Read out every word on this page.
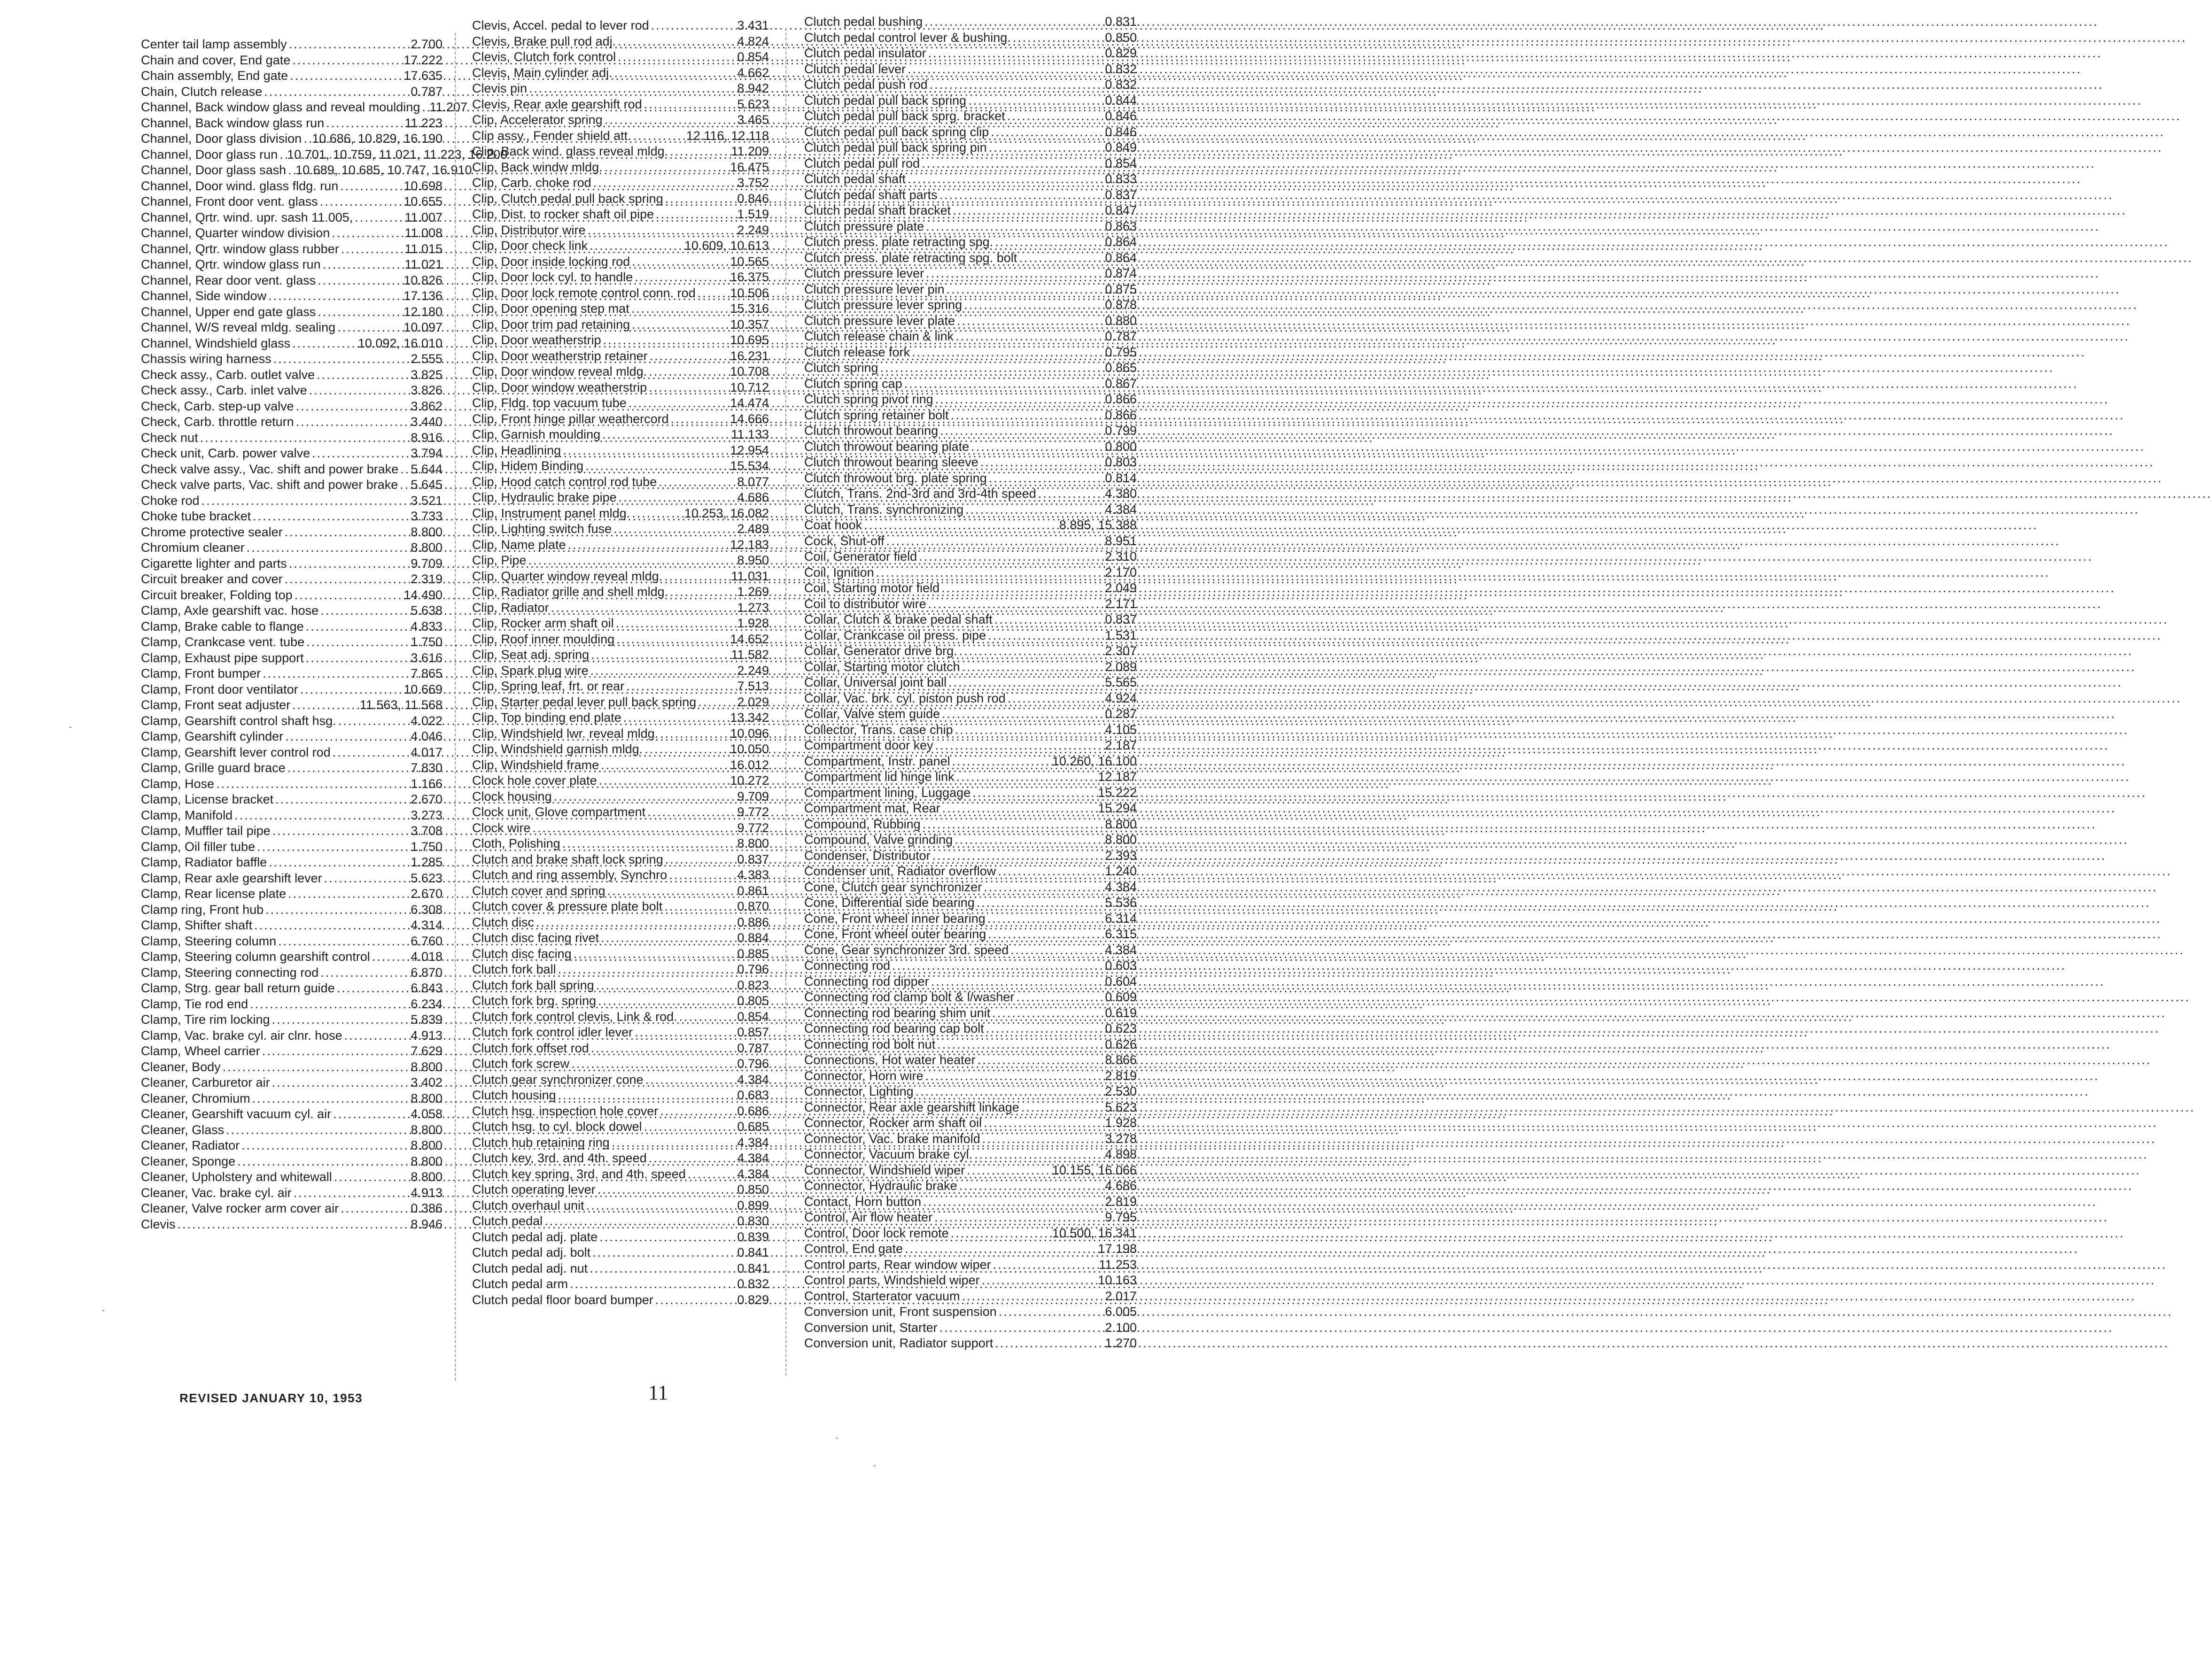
Center tail lamp assembly .....	2.700
Chain and cover, End gate .....	17.222
Chain assembly, End gate .....	17.635
Chain, Clutch release .....	0.787
Channel, Back window glass and reveal moulding ..... 11.207
Channel, Back window glass run .....	11.223
Channel, Door glass division ..... 10.686, 10.829, 16.190
Channel, Door glass run ..... 10.701, 10.759, 11.021, 11.223, 16.200
Channel, Door glass sash ..... 10.689, 10.685, 10.747, 16.910
Channel, Door wind. glass fldg. run .....	10.698
Channel, Front door vent. glass .....	10.655
Channel, Qrtr. wind. upr. sash 11.005, .....	11.007
Channel, Quarter window division .....	11.008
Channel, Qrtr. window glass rubber .....	11.015
Channel, Qrtr. window glass run .....	11.021
Channel, Rear door vent. glass .....	10.826
Channel, Side window .....	17.136
Channel, Upper end gate glass .....	12.180
Channel, W/S reveal mldg. sealing .....	10.097
Channel, Windshield glass .....	10.092, 16.010
Chassis wiring harness .....	2.555
Check assy., Carb. outlet valve .....	3.825
Check assy., Carb. inlet valve .....	3.826
Check, Carb. step-up valve .....	3.862
Check, Carb. throttle return .....	3.440
Check nut .....	8.916
Check unit, Carb. power valve .....	3.794
Check valve assy., Vac. shift and power brake ..... 5.644
Check valve parts, Vac. shift and power brake ..... 5.645
Choke rod .....	3.521
Choke tube bracket .....	3.733
Chrome protective sealer .....	8.800
Chromium cleaner .....	8.800
Cigarette lighter and parts .....	9.709
Circuit breaker and cover .....	2.319
Circuit breaker, Folding top .....	14.490
Clamp, Axle gearshift vac. hose .....	5.638
Clamp, Brake cable to flange .....	4.833
Clamp, Crankcase vent. tube .....	1.750
Clamp, Exhaust pipe support .....	3.616
Clamp, Front bumper .....	7.865
Clamp, Front door ventilator .....	10.669
Clamp, Front seat adjuster .....	11.563, 11.568
Clamp, Gearshift control shaft hsg. .....	4.022
Clamp, Gearshift cylinder .....	4.046
Clamp, Gearshift lever control rod .....	4.017
Clamp, Grille guard brace .....	7.830
Clamp, Hose .....	1.166
Clamp, License bracket .....	2.670
Clamp, Manifold .....	3.273
Clamp, Muffler tail pipe .....	3.708
Clamp, Oil filler tube .....	1.750
Clamp, Radiator baffle .....	1.285
Clamp, Rear axle gearshift lever .....	5.623
Clamp, Rear license plate .....	2.670
Clamp ring, Front hub .....	6.308
Clamp, Shifter shaft .....	4.314
Clamp, Steering column .....	6.760
Clamp, Steering column gearshift control .....	4.018
Clamp, Steering connecting rod .....	6.870
Clamp, Strg. gear ball return guide .....	6.843
Clamp, Tie rod end .....	6.234
Clamp, Tire rim locking .....	5.839
Clamp, Vac. brake cyl. air clnr. hose .....	4.913
Clamp, Wheel carrier .....	7.629
Cleaner, Body .....	8.800
Cleaner, Carburetor air .....	3.402
Cleaner, Chromium .....	8.800
Cleaner, Gearshift vacuum cyl. air .....	4.058
Cleaner, Glass .....	8.800
Cleaner, Radiator .....	8.800
Cleaner, Sponge .....	8.800
Cleaner, Upholstery and whitewall .....	8.800
Cleaner, Vac. brake cyl. air .....	4.913
Cleaner, Valve rocker arm cover air .....	0.386
Clevis .....	8.946
Clevis, Accel. pedal to lever rod .....	3.431
Clevis, Brake pull rod adj. .....	4.824
Clevis, Clutch fork control .....	0.854
Clevis, Main cylinder adj. .....	4.662
Clevis pin .....	8.942
Clevis, Rear axle gearshift rod .....	5.623
Clip, Accelerator spring .....	3.465
Clip assy., Fender shield att. .....	12.116, 12.118
Clip, Back wind. glass reveal mldg. .....	11.209
Clip, Back windw mldg. .....	16.475
Clip, Carb. choke rod .....	3.752
Clip, Clutch pedal pull back spring .....	0.846
Clip, Dist. to rocker shaft oil pipe .....	1.519
Clip, Distributor wire .....	2.249
Clip, Door check link .....	10.609, 10.613
Clip, Door inside locking rod .....	10.565
Clip, Door lock cyl. to handle .....	16.375
Clip, Door lock remote control conn. rod .....	10.506
Clip, Door opening step mat .....	15.316
Clip, Door trim pad retaining .....	10.357
Clip, Door weatherstrip .....	10.695
Clip, Door weatherstrip retainer .....	16.231
Clip, Door window reveal mldg. .....	10.708
Clip, Door window weatherstrip .....	10.712
Clip, Fldg. top vacuum tube .....	14.474
Clip, Front hinge pillar weathercord .....	14.666
Clip, Garnish moulding .....	11.133
Clip, Headlining .....	12.954
Clip, Hidem Binding .....	15.534
Clip, Hood catch control rod tube .....	8.077
Clip, Hydraulic brake pipe .....	4.686
Clip, Instrument panel mldg. .....	10.253, 16.082
Clip, Lighting switch fuse .....	2.489
Clip, Name plate .....	12.183
Clip, Pipe .....	8.950
Clip, Quarter window reveal mldg. .....	11.031
Clip, Radiator grille and shell mldg. .....	1.269
Clip, Radiator .....	1.273
Clip, Rocker arm shaft oil .....	1.928
Clip, Roof inner moulding .....	14.652
Clip, Seat adj. spring .....	11.582
Clip, Spark plug wire .....	2.249
Clip, Spring leaf, frt. or rear .....	7.513
Clip, Starter pedal lever pull back spring .....	2.029
Clip, Top binding end plate .....	13.342
Clip, Windshield lwr. reveal mldg. .....	10.096
Clip, Windshield garnish mldg. .....	10.050
Clip, Windshield frame .....	16.012
Clock hole cover plate .....	10.272
Clock housing .....	9.709
Clock unit, Glove compartment .....	9.772
Clock wire .....	9.772
Cloth, Polishing .....	8.800
Clutch and brake shaft lock spring .....	0.837
Clutch and ring assembly, Synchro .....	4.383
Clutch cover and spring .....	0.861
Clutch cover & pressure plate bolt .....	0.870
Clutch disc .....	0.886
Clutch disc facing rivet .....	0.884
Clutch disc facing .....	0.885
Clutch fork ball .....	0.796
Clutch fork ball spring .....	0.823
Clutch fork brg. spring .....	0.805
Clutch fork control clevis, Link & rod. .....	0.854
Clutch fork control idler lever .....	0.857
Clutch fork offset rod .....	0.787
Clutch fork screw .....	0.796
Clutch gear synchronizer cone .....	4.384
Clutch housing .....	0.683
Clutch hsg. inspection hole cover .....	0.686
Clutch hsg. to cyl. block dowel .....	0.685
Clutch hub retaining ring .....	4.384
Clutch key, 3rd. and 4th. speed .....	4.384
Clutch key spring, 3rd. and 4th. speed .....	4.384
Clutch operating lever .....	0.850
Clutch overhaul unit .....	0.899
Clutch pedal .....	0.830
Clutch pedal adj. plate .....	0.839
Clutch pedal adj. bolt .....	0.841
Clutch pedal adj. nut .....	0.841
Clutch pedal arm .....	0.832
Clutch pedal floor board bumper .....	0.829
Clutch pedal bushing .....	0.831
Clutch pedal control lever & bushing. .....	0.850
Clutch pedal insulator .....	0.829
Clutch pedal lever .....	0.832
Clutch pedal push rod .....	0.832
Clutch pedal pull back spring .....	0.844
Clutch pedal pull back sprg. bracket .....	0.846
Clutch pedal pull back spring clip .....	0.846
Clutch pedal pull back spring pin .....	0.849
Clutch pedal pull rod .....	0.854
Clutch pedal shaft .....	0.833
Clutch pedal shaft parts .....	0.837
Clutch pedal shaft bracket .....	0.847
Clutch pressure plate .....	0.863
Clutch press. plate retracting spg. .....	0.864
Clutch press. plate retracting spg. bolt .....	0.864
Clutch pressure lever .....	0.874
Clutch pressure lever pin .....	0.875
Clutch pressure lever spring .....	0.878
Clutch pressure lever plate .....	0.880
Clutch release chain & link .....	0.787
Clutch release fork .....	0.795
Clutch spring .....	0.865
Clutch spring cap .....	0.867
Clutch spring pivot ring .....	0.866
Clutch spring retainer bolt .....	0.866
Clutch throwout bearing .....	0.799
Clutch throwout bearing plate .....	0.800
Clutch throwout bearing sleeve .....	0.803
Clutch throwout brg. plate spring .....	0.814
Clutch, Trans. 2nd-3rd and 3rd-4th speed .....	4.380
Clutch, Trans. synchronizing .....	4.384
Coat hook .....	8.895, 15.388
Cock, Shut-off .....	8.951
Coil, Generator field .....	2.310
Coil, Ignition .....	2.170
Coil, Starting motor field .....	2.049
Coil to distributor wire .....	2.171
Collar, Clutch & brake pedal shaft .....	0.837
Collar, Crankcase oil press. pipe .....	1.531
Collar, Generator drive brg. .....	2.307
Collar, Starting motor clutch .....	2.089
Collar, Universal joint ball .....	5.565
Collar, Vac. brk. cyl. piston push rod .....	4.924
Collar, Valve stem guide .....	0.287
Collector, Trans. case chip .....	4.105
Compartment door key .....	2.187
Compartment, Instr. panel .....	10.260, 16.100
Compartment lid hinge link .....	12.187
Compartment lining, Luggage .....	15.222
Compartment mat, Rear .....	15.294
Compound, Rubbing .....	8.800
Compound, Valve grinding .....	8.800
Condenser, Distributor .....	2.393
Condenser unit, Radiator overflow .....	1.240
Cone, Clutch gear synchronizer .....	4.384
Cone, Differential side bearing .....	5.536
Cone, Front wheel inner bearing .....	6.314
Cone, Front wheel outer bearing .....	6.315
Cone, Gear synchronizer 3rd. speed .....	4.384
Connecting rod .....	0.603
Connecting rod dipper .....	0.604
Connecting rod clamp bolt & l/washer .....	0.609
Connecting rod bearing shim unit .....	0.619
Connecting rod bearing cap bolt .....	0.623
Connecting rod bolt nut .....	0.626
Connections, Hot water heater .....	8.866
Connector, Horn wire .....	2.819
Connector, Lighting .....	2.530
Connector, Rear axle gearshift linkage .....	5.623
Connector, Rocker arm shaft oil .....	1.928
Connector, Vac. brake manifold .....	3.278
Connector, Vacuum brake cyl. .....	4.898
Connector, Windshield wiper .....	10.155, 16.066
Connector, Hydraulic brake .....	4.686
Contact, Horn button .....	2.819
Control, Air flow heater .....	9.795
Control, Door lock remote .....	10.500, 16.341
Control, End gate .....	17.198
Control parts, Rear window wiper .....	11.253
Control parts, Windshield wiper .....	10.163
Control, Starterator vacuum .....	2.017
Conversion unit, Front suspension .....	6.005
Conversion unit, Starter .....	2.100
Conversion unit, Radiator support .....	1.270
REVISED JANUARY 10, 1953	11
